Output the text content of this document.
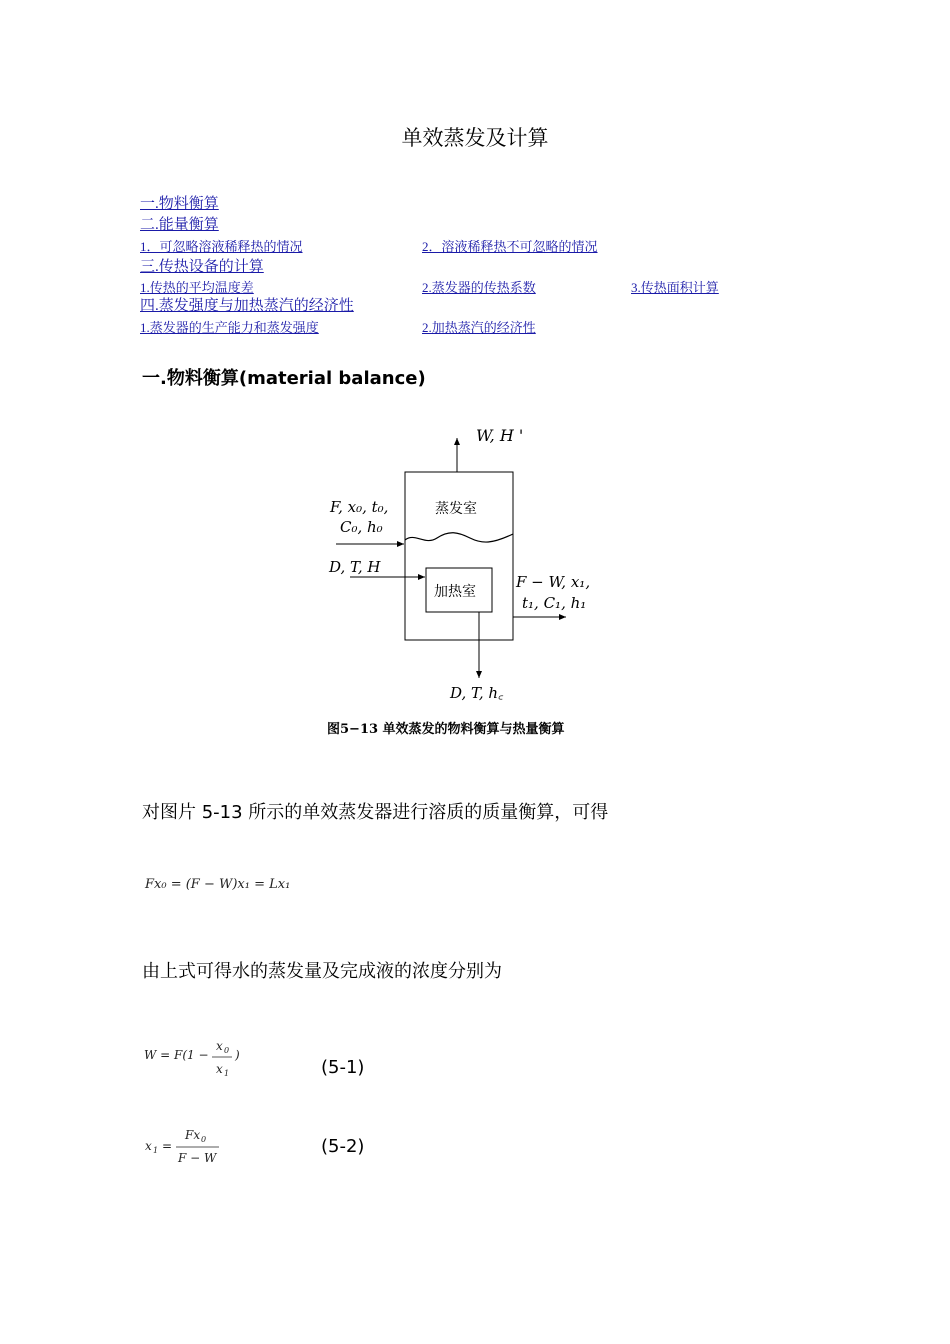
单效蒸发及计算
一.物料衡算
二.能量衡算
1．可忽略溶液稀释热的情况	2．溶液稀释热不可忽略的情况
三.传热设备的计算
1.传热的平均温度差	2.蒸发器的传热系数	3.传热面积计算
四.蒸发强度与加热蒸汽的经济性
1.蒸发器的生产能力和蒸发强度	2.加热蒸汽的经济性
一.物料衡算(material balance)
W, H '
蒸发室
加热室
F, x₀, t₀,
C₀, h₀
D, T, H
F − W, x₁,
t₁, C₁, h₁
D, T, h꜀
图5−13 单效蒸发的物料衡算与热量衡算
对图片 5-13 所示的单效蒸发器进行溶质的质量衡算，可得
Fx₀ = (F − W)x₁ = Lx₁
由上式可得水的蒸发量及完成液的浓度分别为
W = F(1 −
x 0
x 1
)
(5-1)
x 1 =
Fx 0
F − W
(5-2)
